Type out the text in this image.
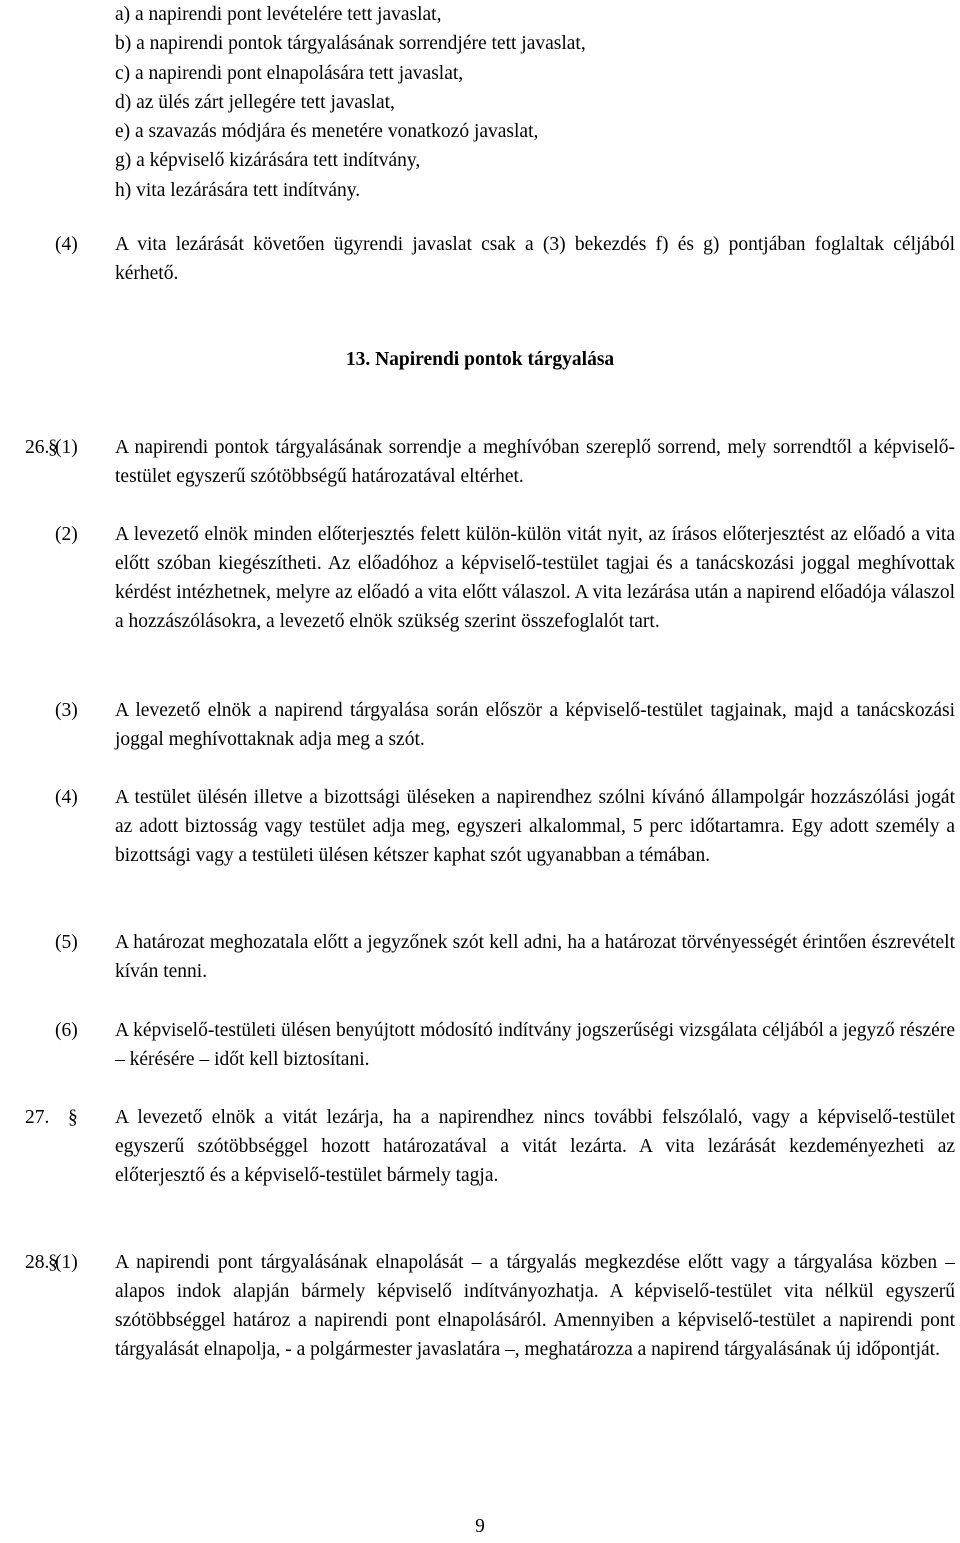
a) a napirendi pont levételére tett javaslat,
b) a napirendi pontok tárgyalásának sorrendjére tett javaslat,
c) a napirendi pont elnapolására tett javaslat,
d) az ülés zárt jellegére tett javaslat,
e) a szavazás módjára és menetére vonatkozó javaslat,
g) a képviselő kizárására tett indítvány,
h) vita lezárására tett indítvány.
(4) A vita lezárását követően ügyrendi javaslat csak a (3) bekezdés f) és g) pontjában foglaltak céljából kérhető.
13. Napirendi pontok tárgyalása
26.
§
(1) A napirendi pontok tárgyalásának sorrendje a meghívóban szereplő sorrend, mely sorrendtől a képviselő-testület egyszerű szótöbbségű határozatával eltérhet.
(2) A levezető elnök minden előterjesztés felett külön-külön vitát nyit, az írásos előterjesztést az előadó a vita előtt szóban kiegészítheti. Az előadóhoz a képviselő-testület tagjai és a tanácskozási joggal meghívottak kérdést intézhetnek, melyre az előadó a vita előtt válaszol. A vita lezárása után a napirend előadója válaszol a hozzászólásokra, a levezető elnök szükség szerint összefoglalót tart.
(3) A levezető elnök a napirend tárgyalása során először a képviselő-testület tagjainak, majd a tanácskozási joggal meghívottaknak adja meg a szót.
(4) A testület ülésén illetve a bizottsági üléseken a napirendhez szólni kívánó állampolgár hozzászólási jogát az adott biztosság vagy testület adja meg, egyszeri alkalommal, 5 perc időtartamra. Egy adott személy a bizottsági vagy a testületi ülésen kétszer kaphat szót ugyanabban a témában.
(5) A határozat meghozatala előtt a jegyzőnek szót kell adni, ha a határozat törvényességét érintően észrevételt kíván tenni.
(6) A képviselő-testületi ülésen benyújtott módosító indítvány jogszerűségi vizsgálata céljából a jegyző részére – kérésére – időt kell biztosítani.
27. § A levezető elnök a vitát lezárja, ha a napirendhez nincs további felszólaló, vagy a képviselő-testület egyszerű szótöbbséggel hozott határozatával a vitát lezárta. A vita lezárását kezdeményezheti az előterjesztő és a képviselő-testület bármely tagja.
28.
§
(1) A napirendi pont tárgyalásának elnapolását – a tárgyalás megkezdése előtt vagy a tárgyalása közben – alapos indok alapján bármely képviselő indítványozhatja. A képviselő-testület vita nélkül egyszerű szótöbbséggel határoz a napirendi pont elnapolásáról. Amennyiben a képviselő-testület a napirendi pont tárgyalását elnapolja, - a polgármester javaslatára –, meghatározza a napirend tárgyalásának új időpontját.
9
